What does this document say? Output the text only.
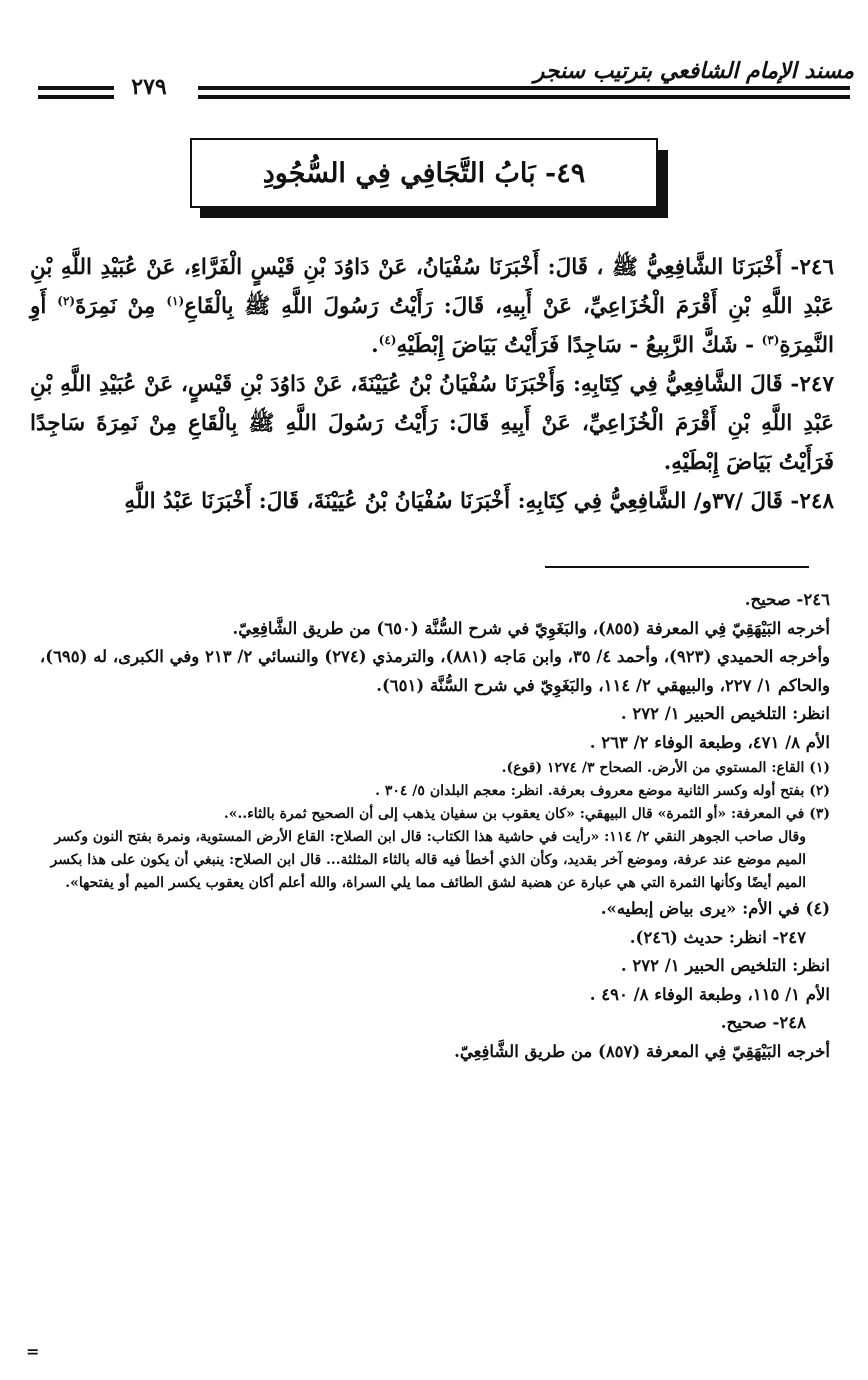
مسند الإمام الشافعي بترتيب سنجر
٢٧٩
٤٩- بَابُ التَّجَافِي فِي السُّجُودِ

٢٤٦- أَخْبَرَنَا الشَّافِعِيُّ ﷺ ، قَالَ: أَخْبَرَنَا سُفْيَانُ، عَنْ دَاوُدَ بْنِ قَيْسٍ الْفَرَّاءِ، عَنْ عُبَيْدِ اللَّهِ بْنِ عَبْدِ اللَّهِ بْنِ أَقْرَمَ الْخُزَاعِيِّ، عَنْ أَبِيهِ، قَالَ: رَأَيْتُ رَسُولَ اللَّهِ ﷺ بِالْقَاعِ$^{(١)}$ مِنْ نَمِرَةَ$^{(٢)}$ أَوِ النَّمِرَةِ$^{(٣)}$ - شَكَّ الرَّبِيعُ - سَاجِدًا فَرَأَيْتُ بَيَاضَ إِبْطَيْهِ$^{(٤)}$.

٢٤٧- قَالَ الشَّافِعِيُّ فِي كِتَابِهِ: وَأَخْبَرَنَا سُفْيَانُ بْنُ عُيَيْنَةَ، عَنْ دَاوُدَ بْنِ قَيْسٍ، عَنْ عُبَيْدِ اللَّهِ بْنِ عَبْدِ اللَّهِ بْنِ أَقْرَمَ الْخُزَاعِيِّ، عَنْ أَبِيهِ قَالَ: رَأَيْتُ رَسُولَ اللَّهِ ﷺ بِالْقَاعِ مِنْ نَمِرَةَ سَاجِدًا فَرَأَيْتُ بَيَاضَ إِبْطَيْهِ.

٢٤٨- قَالَ /٣٧و/ الشَّافِعِيُّ فِي كِتَابِهِ: أَخْبَرَنَا سُفْيَانُ بْنُ عُيَيْنَةَ، قَالَ: أَخْبَرَنَا عَبْدُ اللَّهِ

٢٤٦- صحيح.

أخرجه البَيْهَقِيّ فِي المعرفة (٨٥٥)، والبَغَوِيّ في شرح السُّنَّة (٦٥٠) من طريق الشَّافِعِيّ.

وأخرجه الحميدي (٩٢٣)، وأحمد ٤/ ٣٥، وابن مَاجه (٨٨١)، والترمذي (٢٧٤) والنسائي ٢/ ٢١٣ وفي الكبرى، له (٦٩٥)، والحاكم ١/ ٢٢٧، والبيهقي ٢/ ١١٤، والبَغَوِيّ في شرح السُّنَّة (٦٥١).

انظر: التلخيص الحبير ١/ ٢٧٢ .

الأم ٨/ ٤٧١، وطبعة الوفاء ٢/ ٢٦٣ .

(١) القاع: المستوي من الأرض. الصحاح ٣/ ١٢٧٤ (قوع).

(٢) بفتح أوله وكسر الثانية موضع معروف بعرفة. انظر: معجم البلدان ٥/ ٣٠٤ .

(٣) في المعرفة: «أو الثمرة» قال البيهقي: «كان يعقوب بن سفيان يذهب إلى أن الصحيح ثمرة بالثاء..».

وقال صاحب الجوهر النقي ٢/ ١١٤: «رأيت في حاشية هذا الكتاب: قال ابن الصلاح: القاع الأرض المستوية، ونمرة بفتح النون وكسر الميم موضع عند عرفة، وموضع آخر بقديد، وكأن الذي أخطأ فيه قاله بالثاء المثلثة... قال ابن الصلاح: ينبغي أن يكون على هذا بكسر الميم أيضًا وكأنها الثمرة التي هي عبارة عن هضبة لشق الطائف مما يلي السراة، والله أعلم أكان يعقوب يكسر الميم أو يفتحها».

(٤) في الأم: «يرى بياض إبطيه».

٢٤٧- انظر: حديث (٢٤٦).

انظر: التلخيص الحبير ١/ ٢٧٢ .

الأم ١/ ١١٥، وطبعة الوفاء ٨/ ٤٩٠ .

٢٤٨- صحيح.

أخرجه البَيْهَقِيّ فِي المعرفة (٨٥٧) من طريق الشَّافِعِيّ.

=
